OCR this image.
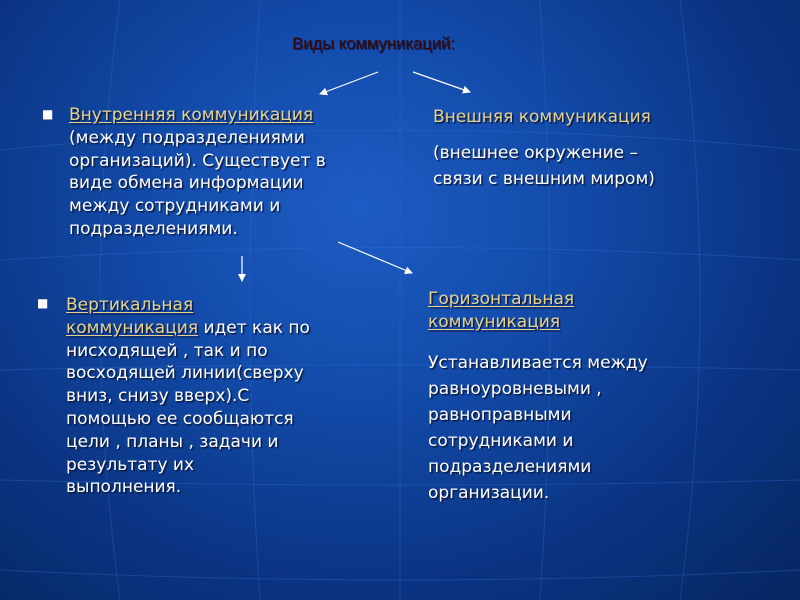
Виды коммуникаций:
■ Внутренняя коммуникация
(между подразделениями
организаций). Существует в
виде обмена информации
между сотрудниками и
подразделениями.
Внешняя коммуникация
(внешнее окружение –
связи с внешним миром)
■ Вертикальная
коммуникация идет как по
нисходящей , так и по
восходящей линии(сверху
вниз, снизу вверх).С
помощью ее сообщаются
цели , планы , задачи и
результату их
выполнения.
Горизонтальная
коммуникация
Устанавливается между
равноуровневыми ,
равноправными
сотрудниками и
подразделениями
организации.
